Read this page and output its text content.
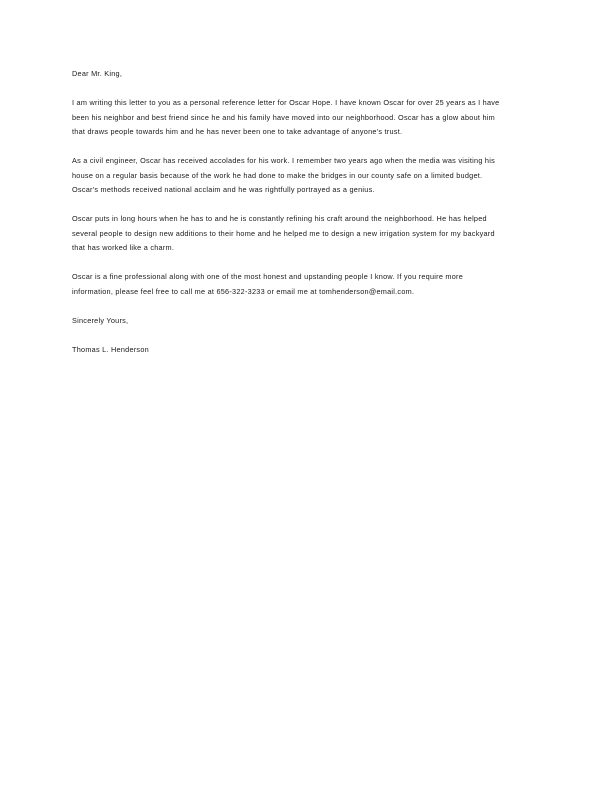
Dear Mr. King,

I am writing this letter to you as a personal reference letter for Oscar Hope. I have known Oscar for over 25 years as I have
been his neighbor and best friend since he and his family have moved into our neighborhood. Oscar has a glow about him
that draws people towards him and he has never been one to take advantage of anyone's trust.

As a civil engineer, Oscar has received accolades for his work. I remember two years ago when the media was visiting his
house on a regular basis because of the work he had done to make the bridges in our county safe on a limited budget.
Oscar's methods received national acclaim and he was rightfully portrayed as a genius.

Oscar puts in long hours when he has to and he is constantly refining his craft around the neighborhood. He has helped
several people to design new additions to their home and he helped me to design a new irrigation system for my backyard
that has worked like a charm.

Oscar is a fine professional along with one of the most honest and upstanding people I know. If you require more
information, please feel free to call me at 656-322-3233 or email me at tomhenderson@email.com.

Sincerely Yours,

Thomas L. Henderson
